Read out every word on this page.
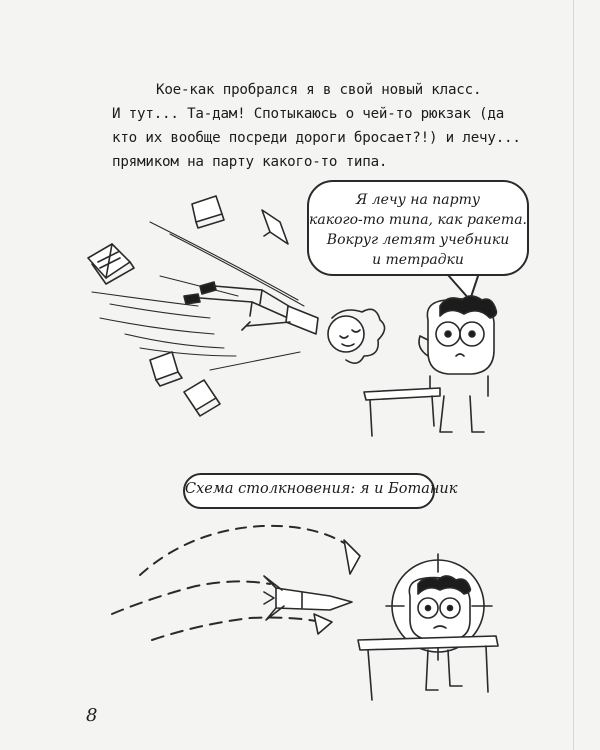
Кое-как пробрался я в свой новый класс.
И тут... Та-дам! Спотыкаюсь о чей-то рюкзак (да
кто их вообще посреди дороги бросает?!) и лечу...
прямиком на парту какого-то типа.
Я лечу на парту
какого-то типа, как ракета.
Вокруг летят учебники
и тетрадки
Схема столкновения: я и Ботаник
8
